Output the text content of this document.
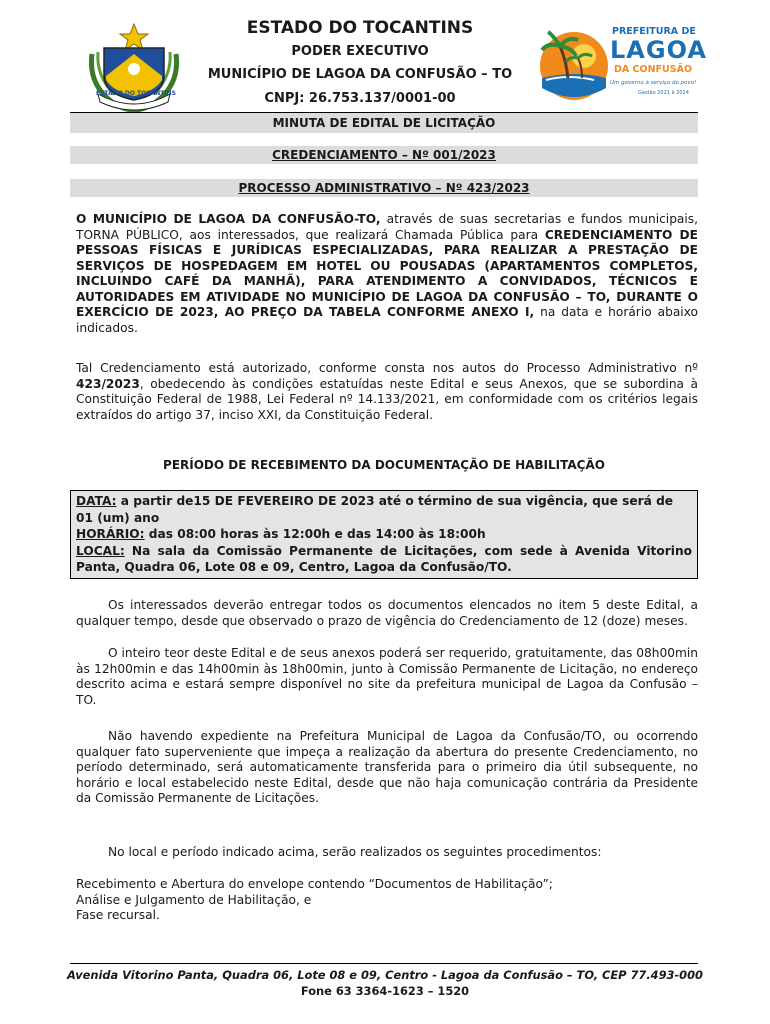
ESTADO DO TOCANTINS
ESTADO DO TOCANTINS
PODER EXECUTIVO
MUNICÍPIO DE LAGOA DA CONFUSÃO – TO
CNPJ: 26.753.137/0001-00
PREFEITURA DE
LAGOA
DA CONFUSÃO
Um governo à serviço do povo!
Gestão 2021 à 2024
MINUTA DE EDITAL DE LICITAÇÃO
CREDENCIAMENTO – Nº 001/2023
PROCESSO ADMINISTRATIVO – Nº 423/2023
O MUNICÍPIO DE LAGOA DA CONFUSÃO-TO, através de suas secretarias e fundos municipais, TORNA PÚBLICO, aos interessados, que realizará Chamada Pública para CREDENCIAMENTO DE PESSOAS FÍSICAS E JURÍDICAS ESPECIALIZADAS, PARA REALIZAR A PRESTAÇÃO DE SERVIÇOS DE HOSPEDAGEM EM HOTEL OU POUSADAS (APARTAMENTOS COMPLETOS, INCLUINDO CAFÉ DA MANHÃ), PARA ATENDIMENTO A CONVIDADOS, TÉCNICOS E AUTORIDADES EM ATIVIDADE NO MUNICÍPIO DE LAGOA DA CONFUSÃO – TO, DURANTE O EXERCÍCIO DE 2023, AO PREÇO DA TABELA CONFORME ANEXO I, na data e horário abaixo indicados.
Tal Credenciamento está autorizado, conforme consta nos autos do Processo Administrativo nº 423/2023, obedecendo às condições estatuídas neste Edital e seus Anexos, que se subordina à Constituição Federal de 1988, Lei Federal nº 14.133/2021, em conformidade com os critérios legais extraídos do artigo 37, inciso XXI, da Constituição Federal.
PERÍODO DE RECEBIMENTO DA DOCUMENTAÇÃO DE HABILITAÇÃO
DATA: a partir de15 DE FEVEREIRO DE 2023 até o término de sua vigência, que será de 01 (um) ano
HORÁRIO: das 08:00 horas às 12:00h e das 14:00 às 18:00h
LOCAL: Na sala da Comissão Permanente de Licitações, com sede à Avenida Vitorino Panta, Quadra 06, Lote 08 e 09, Centro, Lagoa da Confusão/TO.
Os interessados deverão entregar todos os documentos elencados no item 5 deste Edital, a qualquer tempo, desde que observado o prazo de vigência do Credenciamento de 12 (doze) meses.
O inteiro teor deste Edital e de seus anexos poderá ser requerido, gratuitamente, das 08h00min às 12h00min e das 14h00min às 18h00min, junto à Comissão Permanente de Licitação, no endereço descrito acima e estará sempre disponível no site da prefeitura municipal de Lagoa da Confusão – TO.
Não havendo expediente na Prefeitura Municipal de Lagoa da Confusão/TO, ou ocorrendo qualquer fato superveniente que impeça a realização da abertura do presente Credenciamento, no período determinado, será automaticamente transferida para o primeiro dia útil subsequente, no horário e local estabelecido neste Edital, desde que não haja comunicação contrária da Presidente da Comissão Permanente de Licitações.
No local e período indicado acima, serão realizados os seguintes procedimentos:
Recebimento e Abertura do envelope contendo “Documentos de Habilitação”;
Análise e Julgamento de Habilitação, e
Fase recursal.
Avenida Vitorino Panta, Quadra 06, Lote 08 e 09, Centro - Lagoa da Confusão – TO, CEP 77.493-000
Fone 63 3364-1623 – 1520
